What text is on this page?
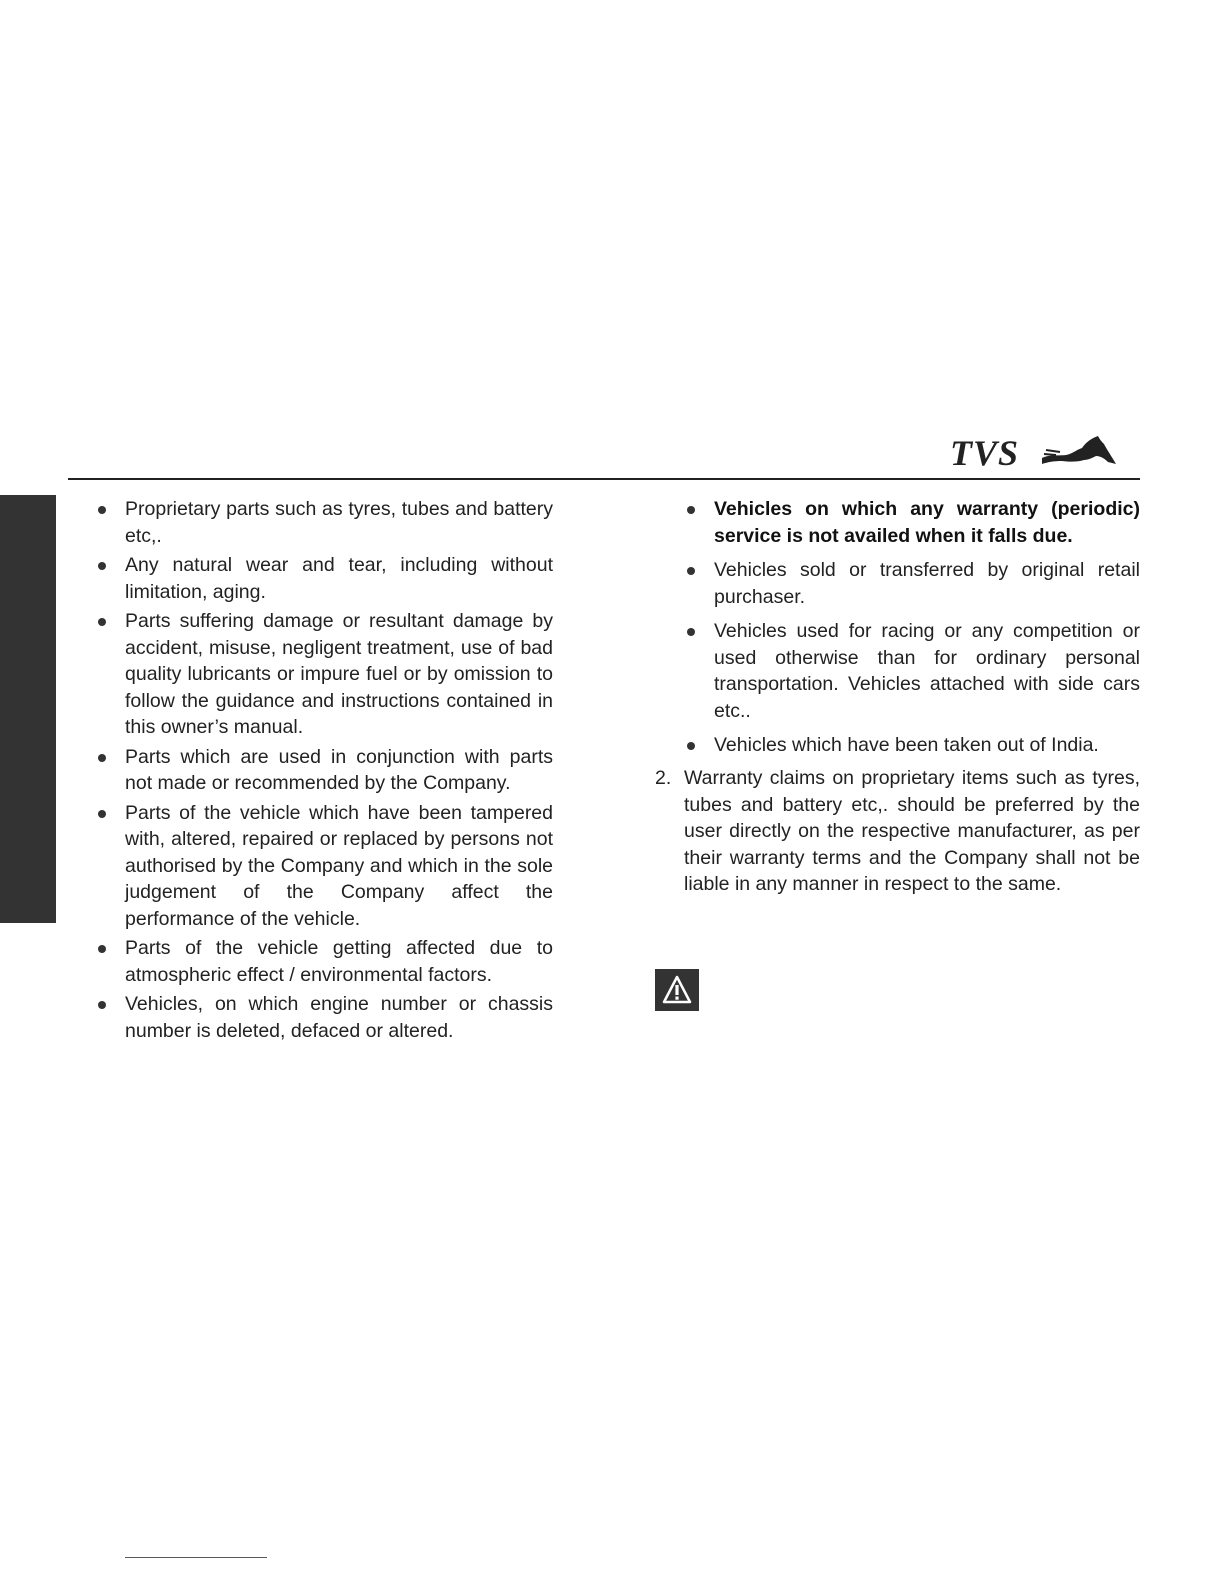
TVS
Proprietary parts such as tyres, tubes and battery etc,.
Any natural wear and tear, including without limitation, aging.
Parts suffering damage or resultant damage by accident, misuse, negligent treatment, use of bad quality lubricants or impure fuel or by omission to follow the guidance and instructions contained in this owner’s manual.
Parts which are used in conjunction with parts not made or recommended by the Company.
Parts of the vehicle which have been tampered with, altered, repaired or replaced by persons not authorised by the Company and which in the sole judgement of the Company affect the performance of the vehicle.
Parts of the vehicle getting affected due to atmospheric effect / environmental factors.
Vehicles, on which engine number or chassis number is deleted, defaced or altered.
Vehicles on which any warranty (periodic) service is not availed when it falls due.
Vehicles sold or transferred by original retail purchaser.
Vehicles used for racing or any competition or used otherwise than for ordinary personal transportation. Vehicles attached with side cars etc..
Vehicles which have been taken out of India.
2. Warranty claims on proprietary items such as tyres, tubes and battery etc,. should be preferred by the user directly on the respective manufacturer, as per their warranty terms and the Company shall not be liable in any manner in respect to the same.
